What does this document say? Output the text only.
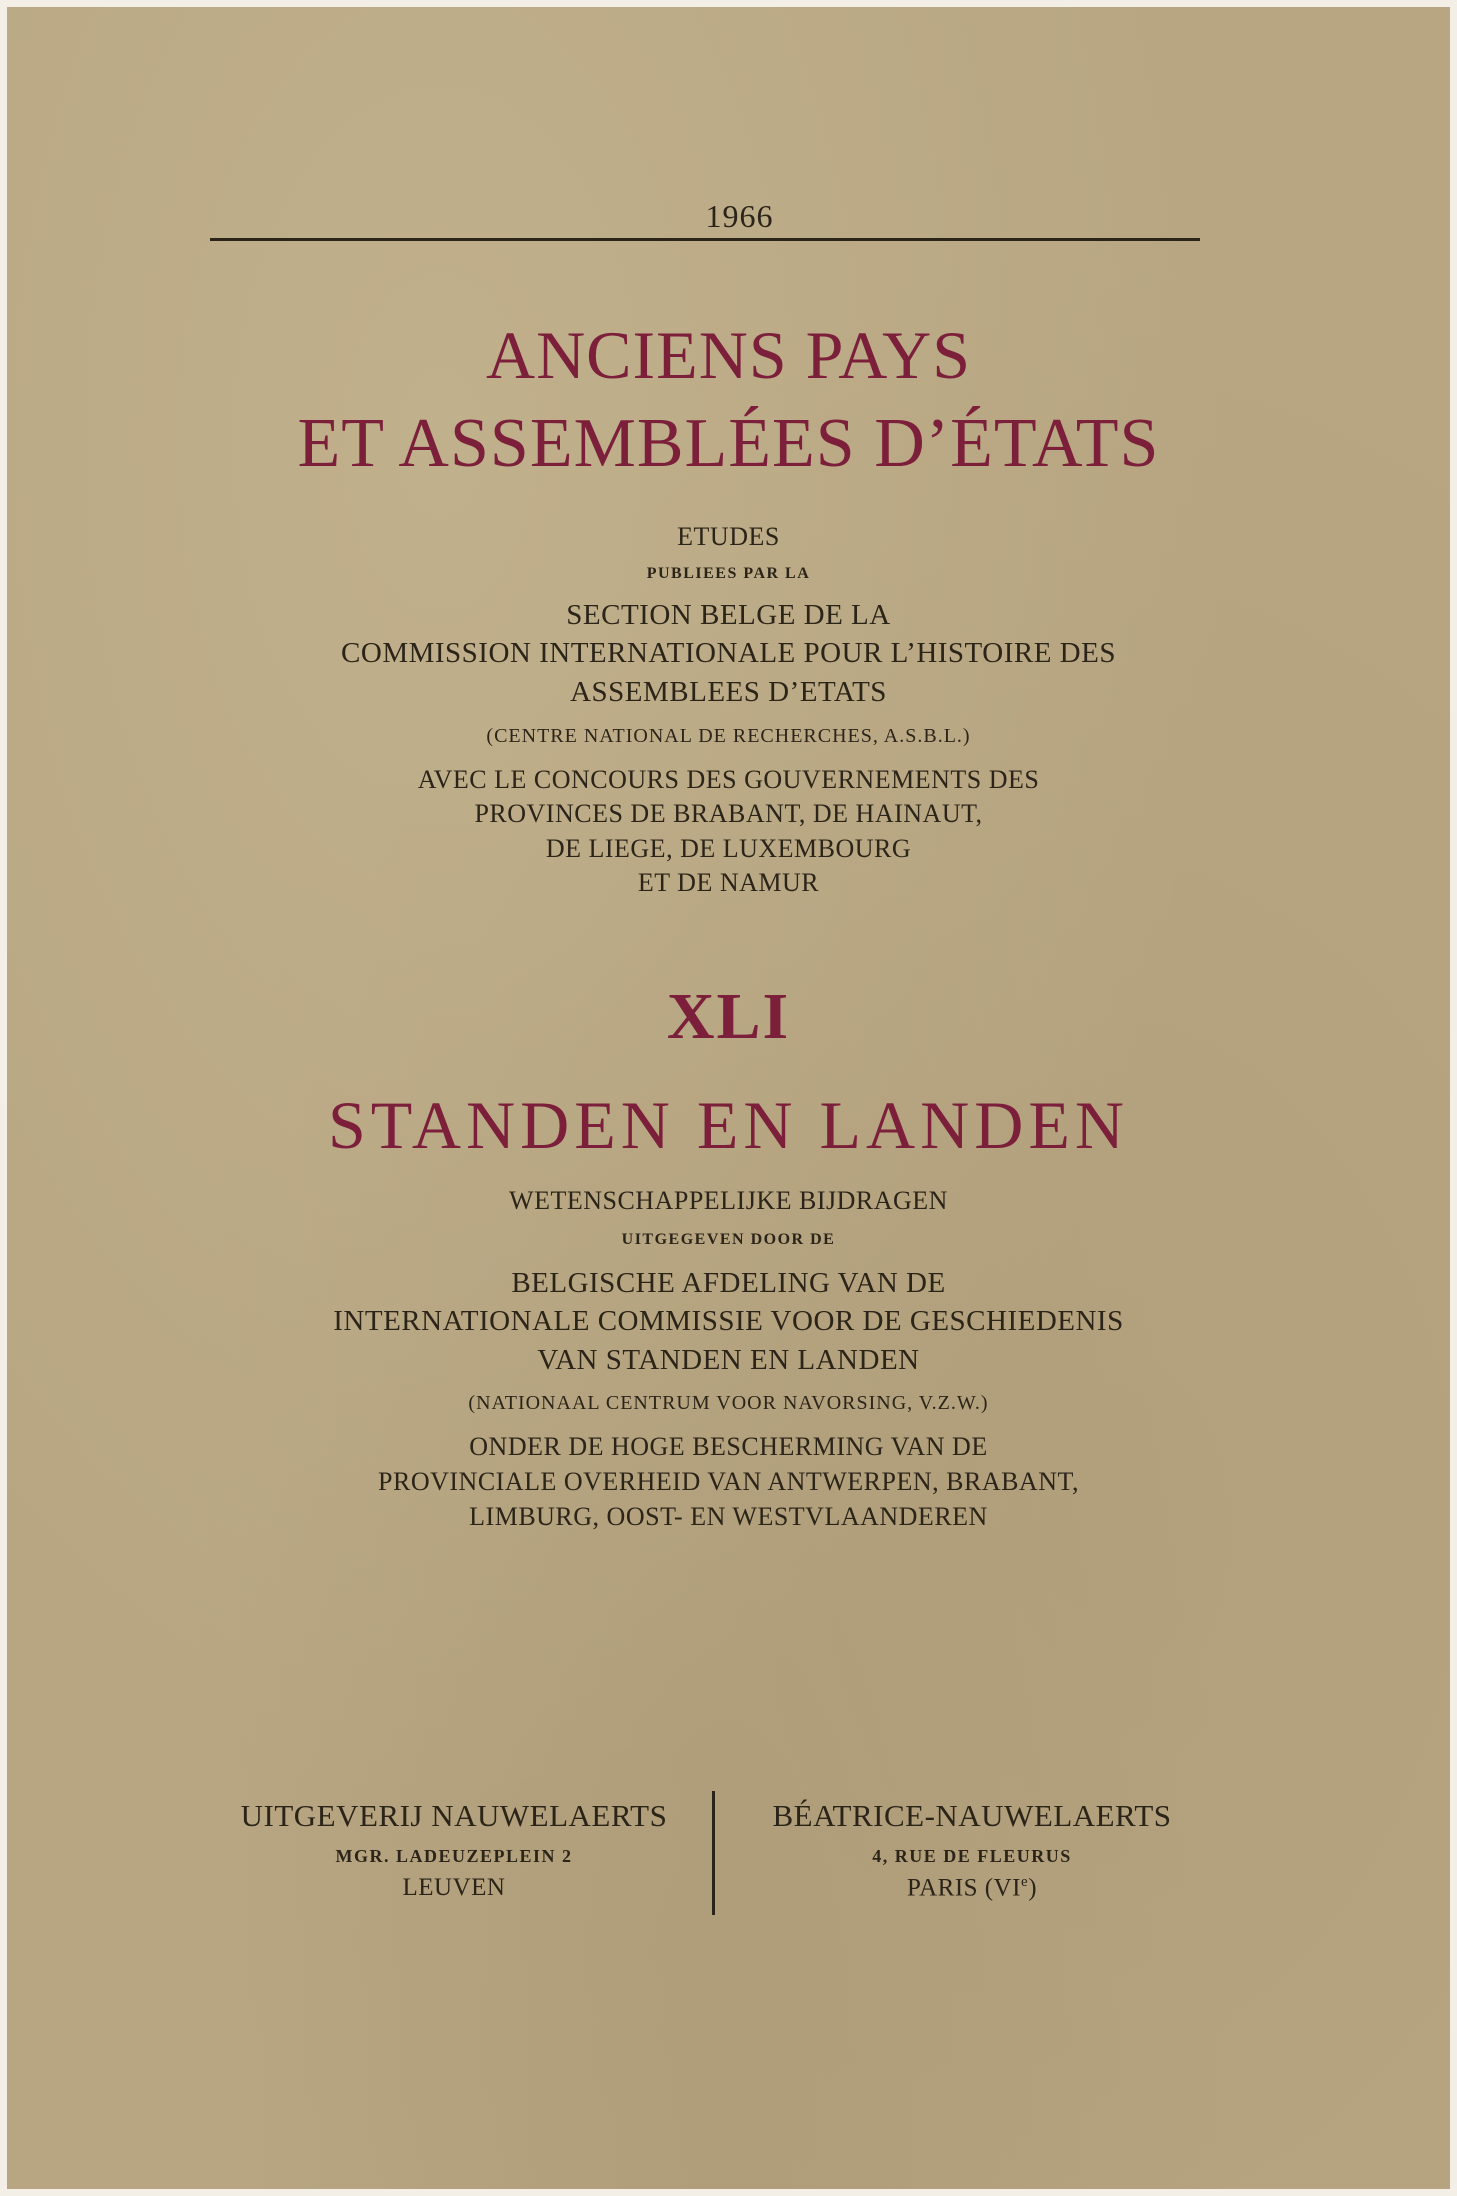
1966
ANCIENS PAYS
ET ASSEMBLÉES D’ÉTATS
ETUDES
PUBLIEES PAR LA
SECTION BELGE DE LA
COMMISSION INTERNATIONALE POUR L’HISTOIRE DES
ASSEMBLEES D’ETATS
(CENTRE NATIONAL DE RECHERCHES, A.S.B.L.)
AVEC LE CONCOURS DES GOUVERNEMENTS DES
PROVINCES DE BRABANT, DE HAINAUT,
DE LIEGE, DE LUXEMBOURG
ET DE NAMUR
XLI
STANDEN EN LANDEN
WETENSCHAPPELIJKE BIJDRAGEN
UITGEGEVEN DOOR DE
BELGISCHE AFDELING VAN DE
INTERNATIONALE COMMISSIE VOOR DE GESCHIEDENIS
VAN STANDEN EN LANDEN
(NATIONAAL CENTRUM VOOR NAVORSING, V.Z.W.)
ONDER DE HOGE BESCHERMING VAN DE
PROVINCIALE OVERHEID VAN ANTWERPEN, BRABANT,
LIMBURG, OOST- EN WESTVLAANDEREN
UITGEVERIJ NAUWELAERTS
MGR. LADEUZEPLEIN 2
LEUVEN
BÉATRICE-NAUWELAERTS
4, RUE DE FLEURUS
PARIS (VIe)
